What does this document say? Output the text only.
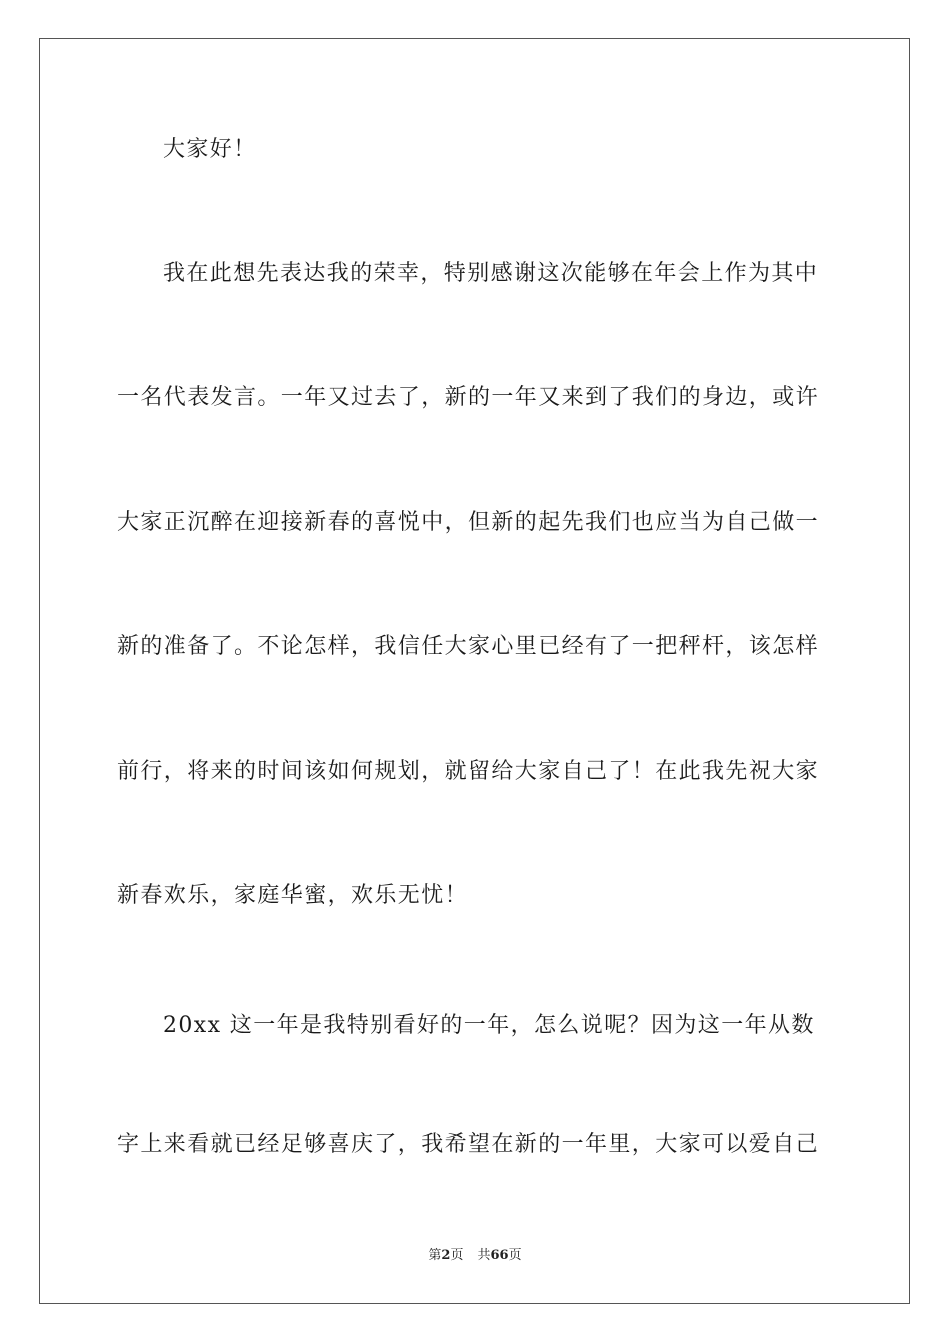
大家好！
我在此想先表达我的荣幸，特别感谢这次能够在年会上作为其中
一名代表发言。一年又过去了，新的一年又来到了我们的身边，或许
大家正沉醉在迎接新春的喜悦中，但新的起先我们也应当为自己做一
新的准备了。不论怎样，我信任大家心里已经有了一把秤杆，该怎样
前行，将来的时间该如何规划，就留给大家自己了！在此我先祝大家
新春欢乐，家庭华蜜，欢乐无忧！
20xx 这一年是我特别看好的一年，怎么说呢？因为这一年从数
字上来看就已经足够喜庆了，我希望在新的一年里，大家可以爱自己
第2页 共66页
